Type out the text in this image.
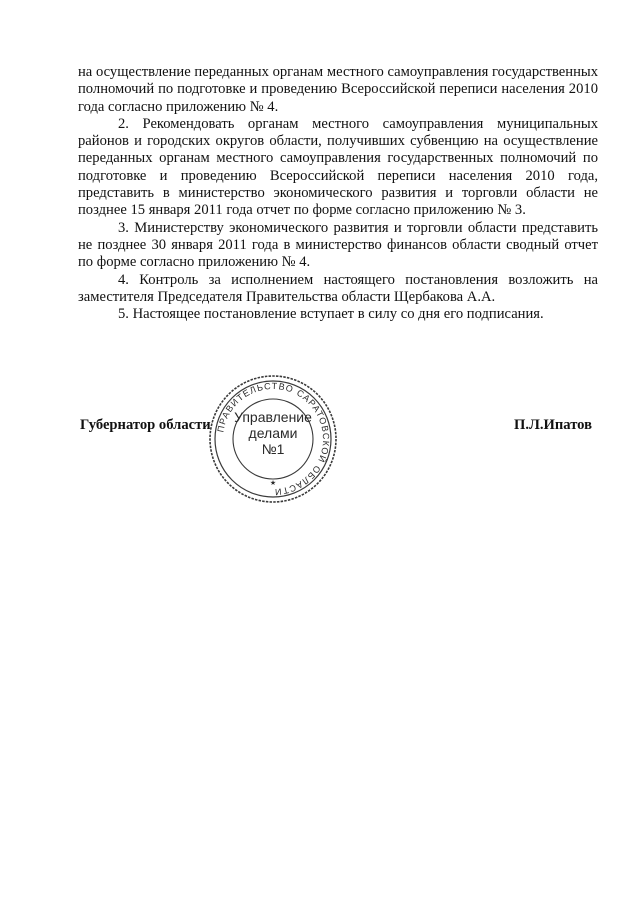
на осуществление переданных органам местного самоуправления государственных полномочий по подготовке и проведению Всероссийской переписи населения 2010 года согласно приложению № 4.

2. Рекомендовать органам местного самоуправления муниципальных районов и городских округов области, получивших субвенцию на осуществление переданных органам местного самоуправления государственных полномочий по подготовке и проведению Всероссийской переписи населения 2010 года, представить в министерство экономического развития и торговли области не позднее 15 января 2011 года отчет по форме согласно приложению № 3.

3. Министерству экономического развития и торговли области представить не позднее 30 января 2011 года в министерство финансов области сводный отчет по форме согласно приложению № 4.

4. Контроль за исполнением настоящего постановления возложить на заместителя Председателя Правительства области Щербакова А.А.

5. Настоящее постановление вступает в силу со дня его подписания.

Губернатор области ПРАВИТЕЛЬСТВО САРАТОВСКОЙ ОБЛАСТИ
★
Управление
делами
№1
П.Л.Ипатов
